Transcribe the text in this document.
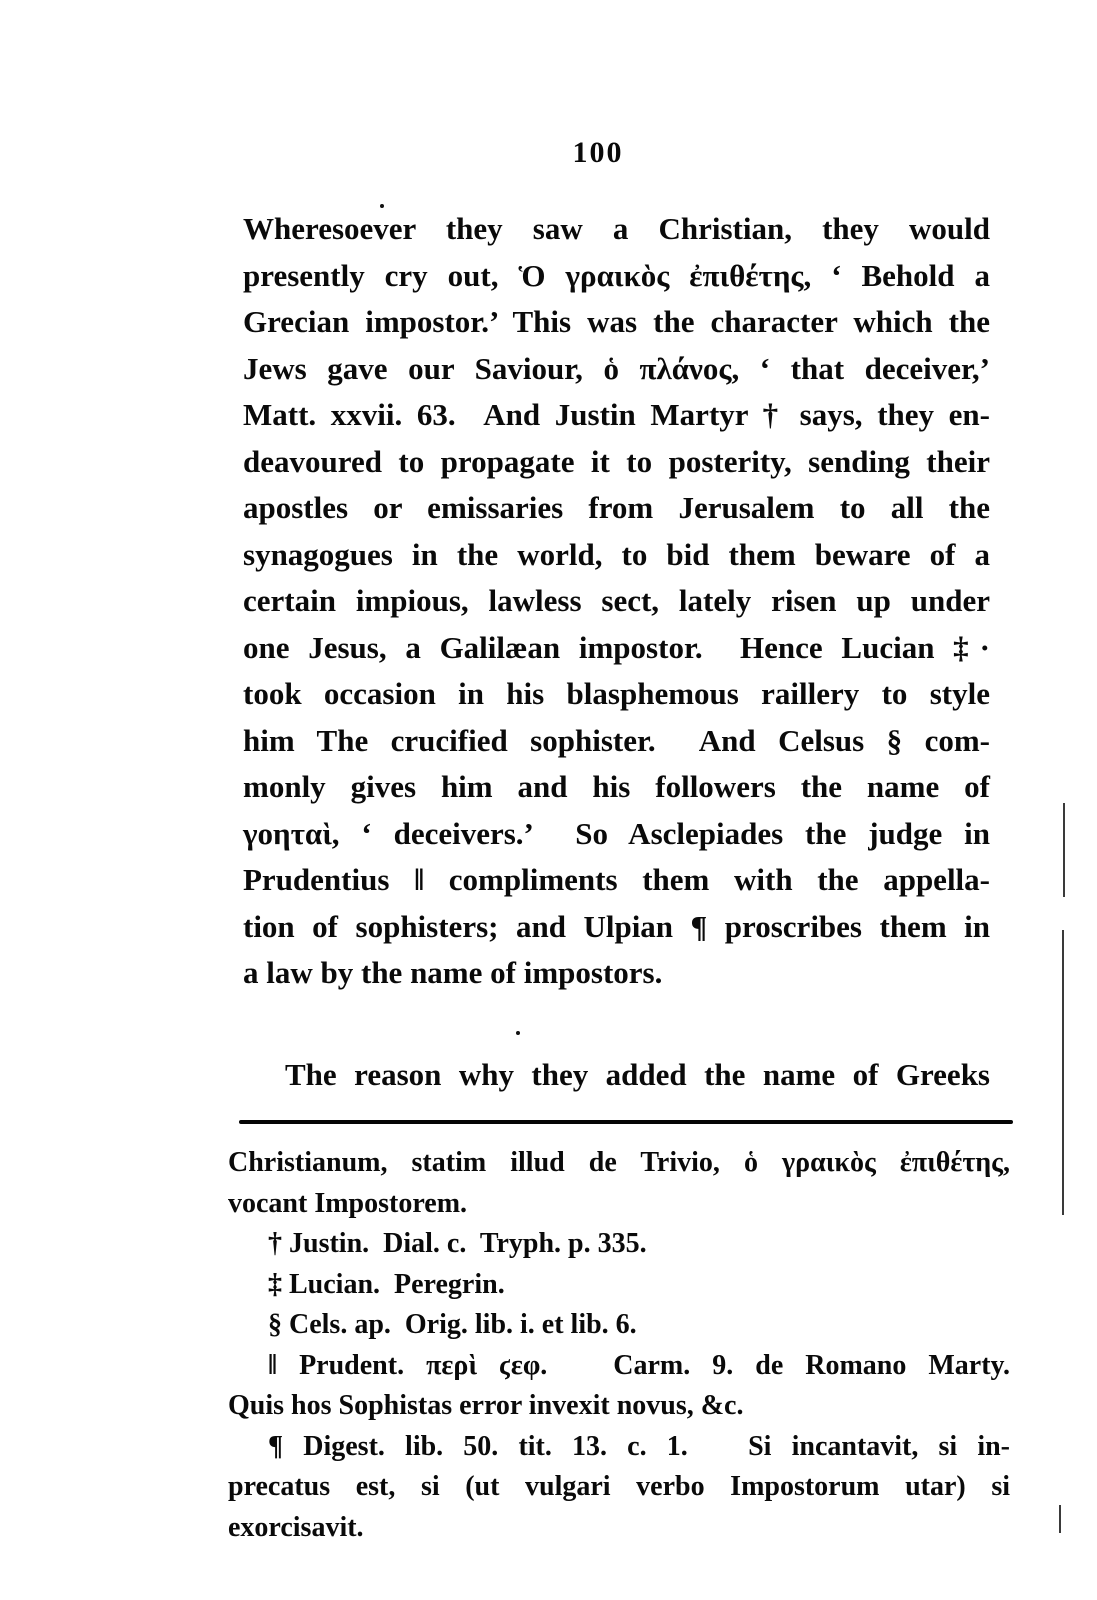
100
Wheresoever they saw a Christian, they would
presently cry out, Ὁ γραικὸς ἐπιθέτης, ‘ Behold a
Grecian impostor.’ This was the character which the
Jews gave our Saviour, ὁ πλάνος, ‘ that deceiver,’
Matt. xxvii. 63.  And Justin Martyr † says, they en-
deavoured to propagate it to posterity, sending their
apostles or emissaries from Jerusalem to all the
synagogues in the world, to bid them beware of a
certain impious, lawless sect, lately risen up under
one Jesus, a Galilæan impostor.  Hence Lucian ‡·
took occasion in his blasphemous raillery to style
him The crucified sophister.  And Celsus § com-
monly gives him and his followers the name of
γοηταὶ, ‘ deceivers.’  So Asclepiades the judge in
Prudentius ‖ compliments them with the appella-
tion of sophisters; and Ulpian ¶ proscribes them in
a law by the name of impostors.
The reason why they added the name of Greeks
Christianum, statim illud de Trivio, ὁ γραικὸς ἐπιθέτης,
vocant Impostorem.
† Justin.  Dial. c.  Tryph. p. 335.
‡ Lucian.  Peregrin.
§ Cels. ap.  Orig. lib. i. et lib. 6.
‖ Prudent. περὶ ϛεφ.   Carm. 9. de Romano Marty.
Quis hos Sophistas error invexit novus, &c.
¶ Digest. lib. 50. tit. 13. c. 1.   Si incantavit, si in-
precatus est, si (ut vulgari verbo Impostorum utar) si
exorcisavit.
